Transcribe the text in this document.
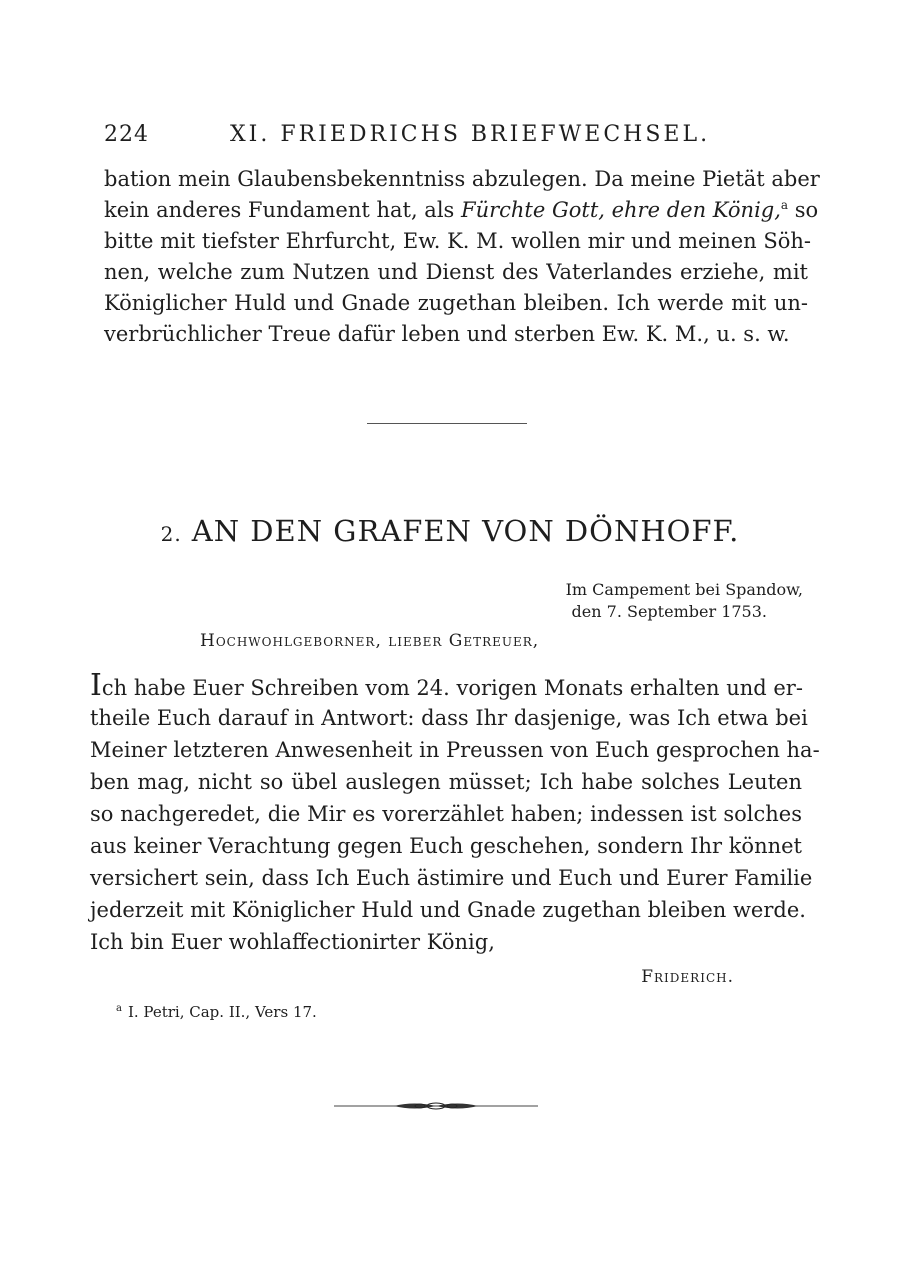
224	XI. FRIEDRICHS BRIEFWECHSEL.
bation mein Glaubensbekenntniss abzulegen. Da meine Pietät aber
kein anderes Fundament hat, als Fürchte Gott, ehre den König,$^a$ so
bitte mit tiefster Ehrfurcht, Ew. K. M. wollen mir und meinen Söh-
nen, welche zum Nutzen und Dienst des Vaterlandes erziehe, mit
Königlicher Huld und Gnade zugethan bleiben. Ich werde mit un-
verbrüchlicher Treue dafür leben und sterben Ew. K. M., u. s. w.
2. AN DEN GRAFEN VON DÖNHOFF.
Im Campement bei Spandow,
den 7. September 1753.
Hochwohlgeborner, lieber Getreuer,
Ich habe Euer Schreiben vom 24. vorigen Monats erhalten und er-
theile Euch darauf in Antwort: dass Ihr dasjenige, was Ich etwa bei
Meiner letzteren Anwesenheit in Preussen von Euch gesprochen ha-
ben mag, nicht so übel auslegen müsset; Ich habe solches Leuten
so nachgeredet, die Mir es vorerzählet haben; indessen ist solches
aus keiner Verachtung gegen Euch geschehen, sondern Ihr könnet
versichert sein, dass Ich Euch ästimire und Euch und Eurer Familie
jederzeit mit Königlicher Huld und Gnade zugethan bleiben werde.
Ich bin Euer wohlaffectionirter König,
Friderich.
$^a$ I. Petri, Cap. II., Vers 17.
